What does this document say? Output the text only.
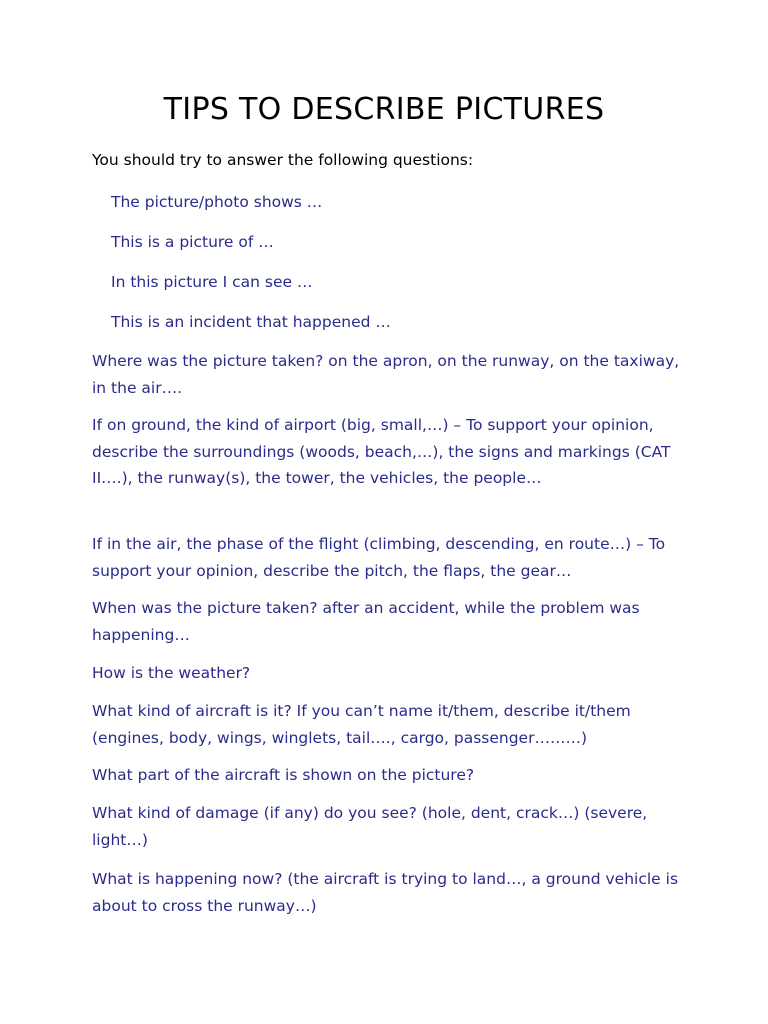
TIPS TO DESCRIBE PICTURES

You should try to answer the following questions:

The picture/photo shows …

This is a picture of …

In this picture I can see …

This is an incident that happened …

Where was the picture taken? on the apron, on the runway, on the taxiway, in the air….

If on ground, the kind of airport (big, small,…) – To support your opinion, describe the surroundings (woods, beach,…), the signs and markings (CAT II….), the runway(s), the tower, the vehicles, the people…

If in the air, the phase of the flight (climbing, descending, en route…) – To support your opinion, describe the pitch, the flaps, the gear…

When was the picture taken? after an accident, while the problem was happening…

How is the weather?

What kind of aircraft is it? If you can’t name it/them, describe it/them (engines, body, wings, winglets, tail…., cargo, passenger………)

What part of the aircraft is shown on the picture?

What kind of damage (if any) do you see? (hole, dent, crack…) (severe, light…)

What is happening now? (the aircraft is trying to land…, a ground vehicle is about to cross the runway…)
